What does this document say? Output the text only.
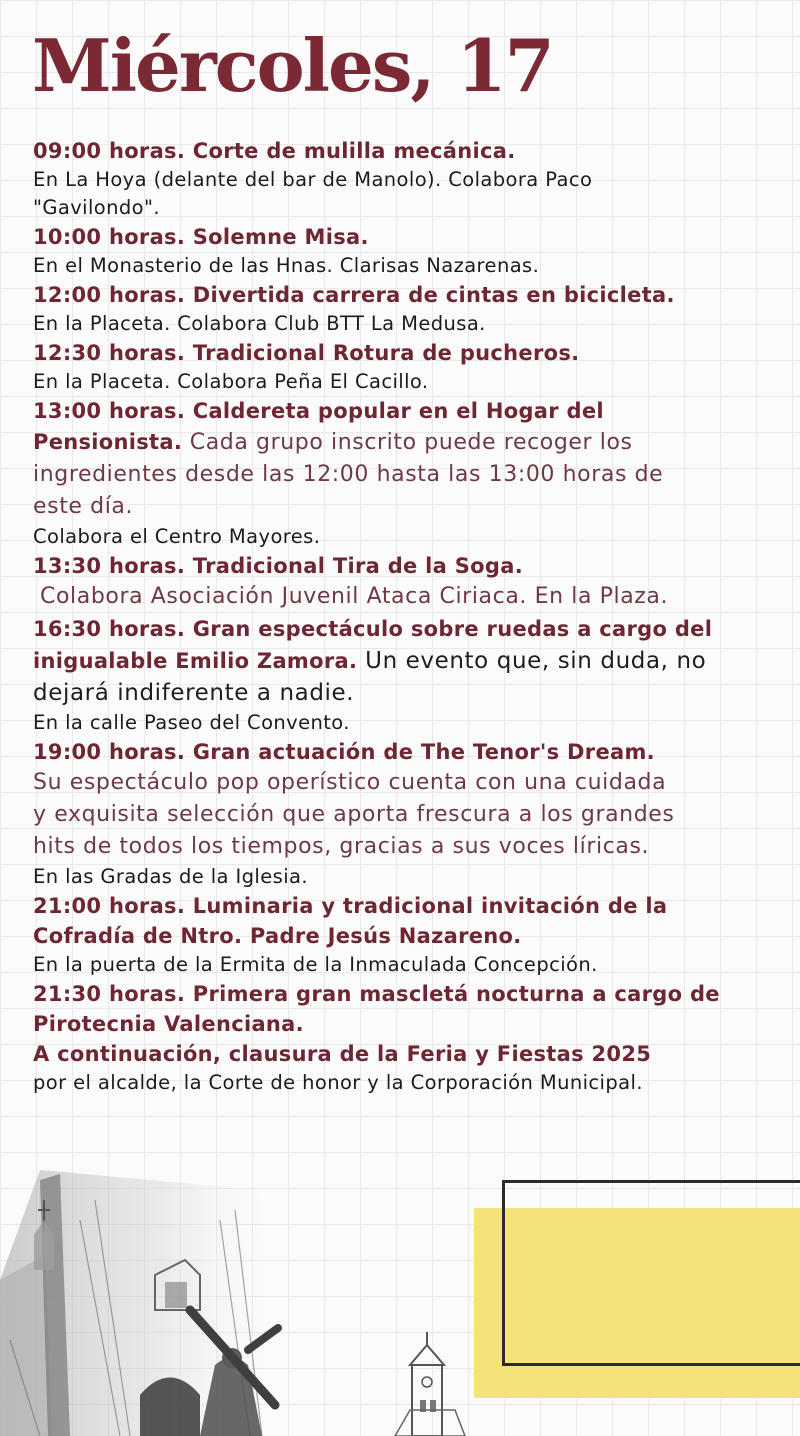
Miércoles, 17
09:00 horas. Corte de mulilla mecánica.
En La Hoya (delante del bar de Manolo). Colabora Paco
"Gavilondo".
10:00 horas. Solemne Misa.
En el Monasterio de las Hnas. Clarisas Nazarenas.
12:00 horas. Divertida carrera de cintas en bicicleta.
En la Placeta. Colabora Club BTT La Medusa.
12:30 horas. Tradicional Rotura de pucheros.
En la Placeta. Colabora Peña El Cacillo.
13:00 horas. Caldereta popular en el Hogar del
Pensionista. Cada grupo inscrito puede recoger los
ingredientes desde las 12:00 hasta las 13:00 horas de
este día.
Colabora el Centro Mayores.
13:30 horas. Tradicional Tira de la Soga.
Colabora Asociación Juvenil Ataca Ciriaca. En la Plaza.
16:30 horas. Gran espectáculo sobre ruedas a cargo del
inigualable Emilio Zamora. Un evento que, sin duda, no
dejará indiferente a nadie.
En la calle Paseo del Convento.
19:00 horas. Gran actuación de The Tenor's Dream.
Su espectáculo pop operístico cuenta con una cuidada
y exquisita selección que aporta frescura a los grandes
hits de todos los tiempos, gracias a sus voces líricas.
En las Gradas de la Iglesia.
21:00 horas. Luminaria y tradicional invitación de la
Cofradía de Ntro. Padre Jesús Nazareno.
En la puerta de la Ermita de la Inmaculada Concepción.
21:30 horas. Primera gran mascletá nocturna a cargo de
Pirotecnia Valenciana.
A continuación, clausura de la Feria y Fiestas 2025
por el alcalde, la Corte de honor y la Corporación Municipal.
